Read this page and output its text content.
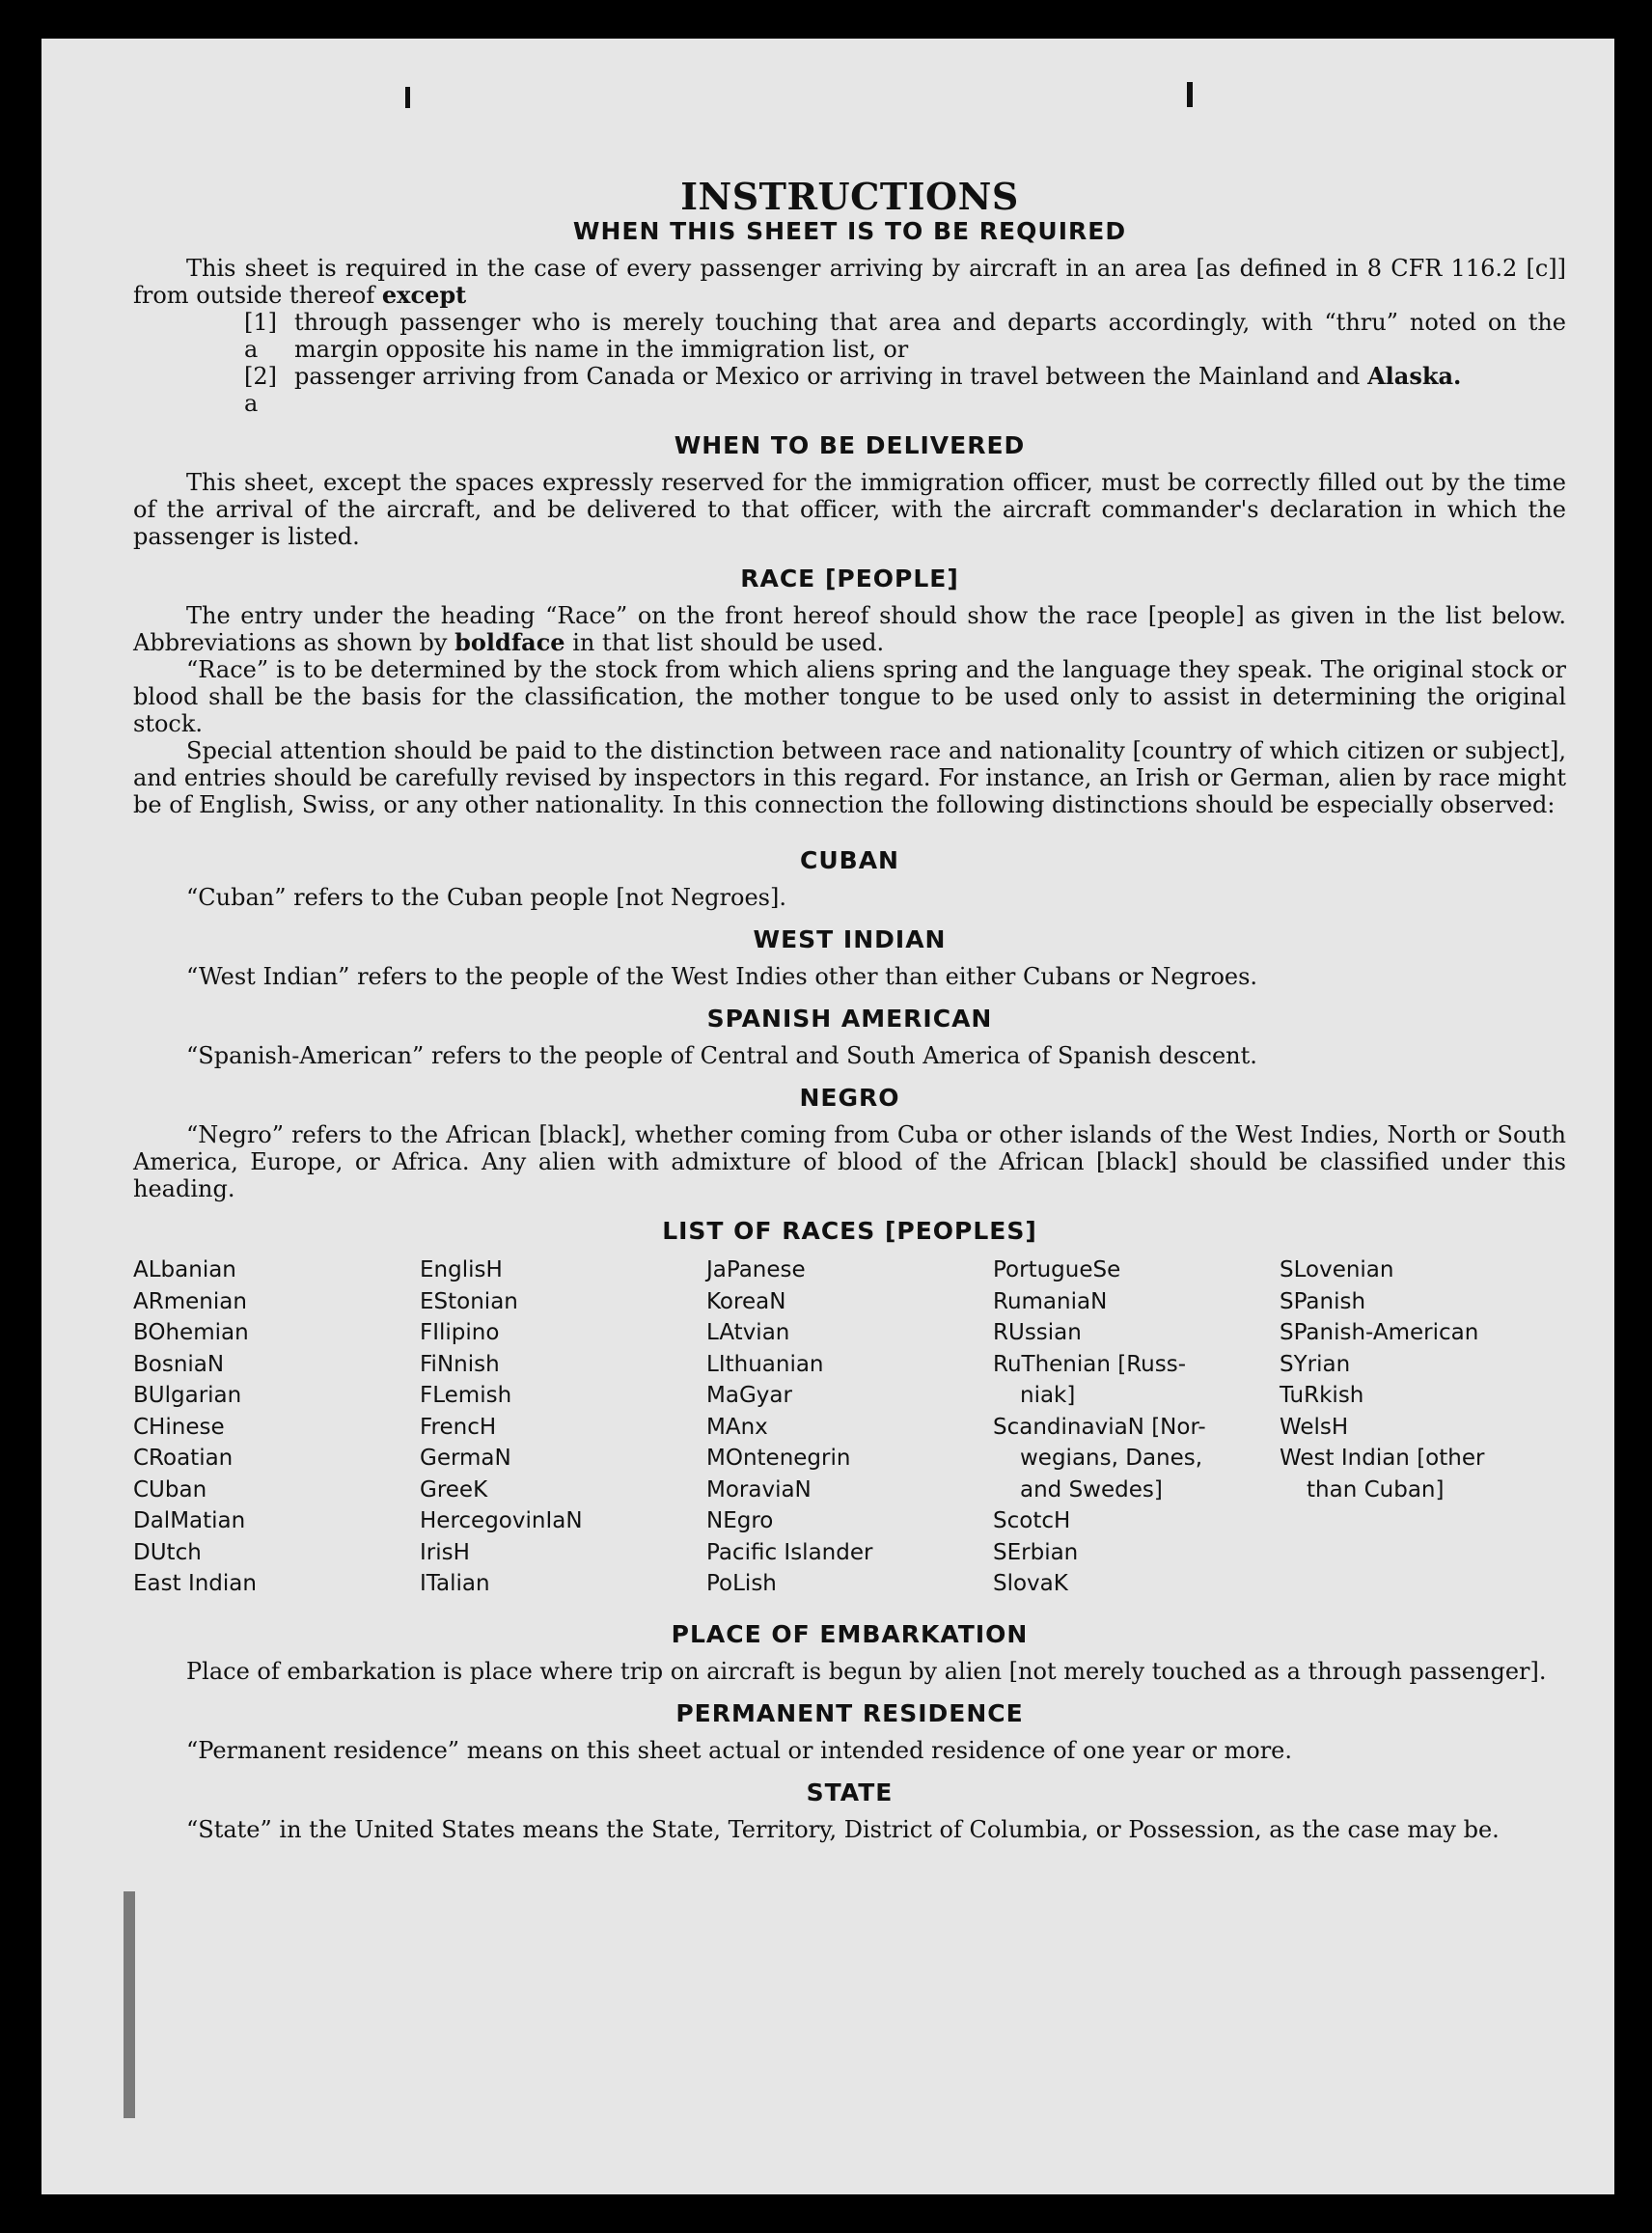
INSTRUCTIONS
WHEN THIS SHEET IS TO BE REQUIRED

This sheet is required in the case of every passenger arriving by aircraft in an area [as defined in 8 CFR 116.2 [c]] from outside thereof except

[1] a
through passenger who is merely touching that area and departs accordingly, with “thru” noted on the margin opposite his name in the immigration list, or
[2] a
passenger arriving from Canada or Mexico or arriving in travel between the Mainland and Alaska.
WHEN TO BE DELIVERED

This sheet, except the spaces expressly reserved for the immigration officer, must be correctly filled out by the time of the arrival of the aircraft, and be delivered to that officer, with the aircraft commander's declaration in which the passenger is listed.

RACE [PEOPLE]

The entry under the heading “Race” on the front hereof should show the race [people] as given in the list below. Abbreviations as shown by boldface in that list should be used.

“Race” is to be determined by the stock from which aliens spring and the language they speak. The original stock or blood shall be the basis for the classification, the mother tongue to be used only to assist in determining the original stock.

Special attention should be paid to the distinction between race and nationality [country of which citizen or subject], and entries should be carefully revised by inspectors in this regard. For instance, an Irish or German, alien by race might be of English, Swiss, or any other nationality. In this connection the following distinctions should be especially observed:

CUBAN

“Cuban” refers to the Cuban people [not Negroes].

WEST INDIAN

“West Indian” refers to the people of the West Indies other than either Cubans or Negroes.

SPANISH AMERICAN

“Spanish-American” refers to the people of Central and South America of Spanish descent.

NEGRO

“Negro” refers to the African [black], whether coming from Cuba or other islands of the West Indies, North or South America, Europe, or Africa. Any alien with admixture of blood of the African [black] should be classified under this heading.

LIST OF RACES [PEOPLES]
ALbanian
ARmenian
BOhemian
BosniaN
BUlgarian
CHinese
CRoatian
CUban
DalMatian
DUtch
East Indian
EnglisH
EStonian
FIlipino
FiNnish
FLemish
FrencH
GermaN
GreeK
HercegovinIaN
IrisH
ITalian
JaPanese
KoreaN
LAtvian
LIthuanian
MaGyar
MAnx
MOntenegrin
MoraviaN
NEgro
Pacific Islander
PoLish
PortugueSe
RumaniaN
RUssian
RuThenian [Russ-
niak]
ScandinaviaN [Nor-
wegians, Danes,
and Swedes]
ScotcH
SErbian
SlovaK
SLovenian
SPanish
SPanish-American
SYrian
TuRkish
WelsH
West Indian [other
than Cuban]
PLACE OF EMBARKATION

Place of embarkation is place where trip on aircraft is begun by alien [not merely touched as a through passenger].

PERMANENT RESIDENCE

“Permanent residence” means on this sheet actual or intended residence of one year or more.

STATE

“State” in the United States means the State, Territory, District of Columbia, or Possession, as the case may be.
